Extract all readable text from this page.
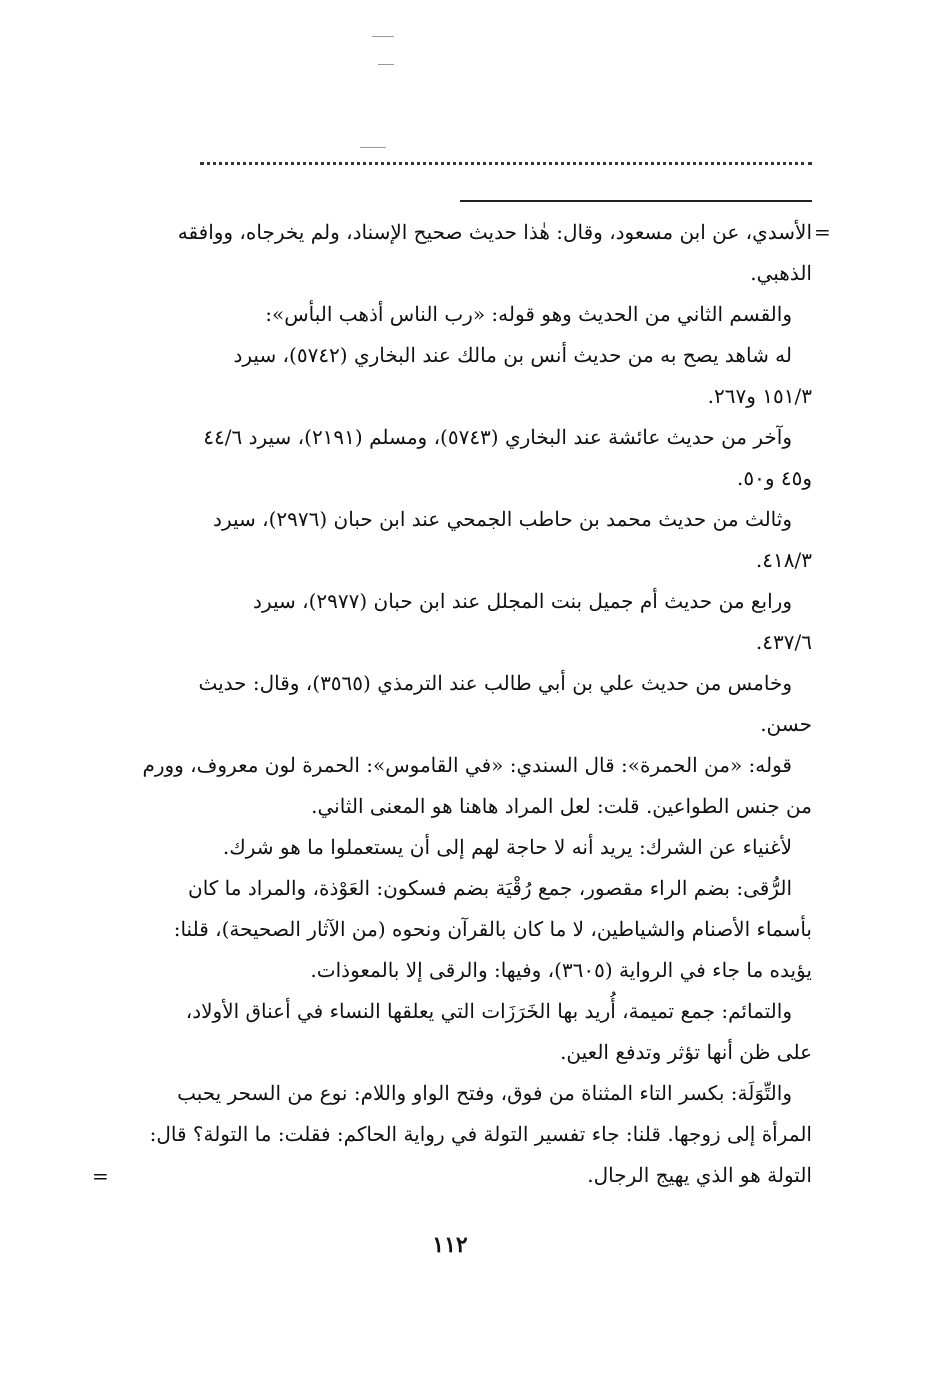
=

الأسدي، عن ابن مسعود، وقال: هٰذا حديث صحيح الإسناد، ولم يخرجاه، ووافقه

الذهبي.

والقسم الثاني من الحديث وهو قوله: «رب الناس أذهب البأس»:

له شاهد يصح به من حديث أنس بن مالك عند البخاري (٥٧٤٢)، سيرد

١٥١/٣ و٢٦٧.

وآخر من حديث عائشة عند البخاري (٥٧٤٣)، ومسلم (٢١٩١)، سيرد ٤٤/٦

و٤٥ و٥٠.

وثالث من حديث محمد بن حاطب الجمحي عند ابن حبان (٢٩٧٦)، سيرد

٤١٨/٣.

ورابع من حديث أم جميل بنت المجلل عند ابن حبان (٢٩٧٧)، سيرد

٤٣٧/٦.

وخامس من حديث علي بن أبي طالب عند الترمذي (٣٥٦٥)، وقال: حديث

حسن.

قوله: «من الحمرة»: قال السندي: «في القاموس»: الحمرة لون معروف، وورم

من جنس الطواعين. قلت: لعل المراد هاهنا هو المعنى الثاني.

لأغنياء عن الشرك: يريد أنه لا حاجة لهم إلى أن يستعملوا ما هو شرك.

الرُّقى: بضم الراء مقصور، جمع رُقْيَة بضم فسكون: العَوْذة، والمراد ما كان

بأسماء الأصنام والشياطين، لا ما كان بالقرآن ونحوه (من الآثار الصحيحة)، قلنا:

يؤيده ما جاء في الرواية (٣٦٠٥)، وفيها: والرقى إلا بالمعوذات.

والتمائم: جمع تميمة، أُريد بها الخَرَزَات التي يعلقها النساء في أعناق الأولاد،

على ظن أنها تؤثر وتدفع العين.

والتِّوَلَة: بكسر التاء المثناة من فوق، وفتح الواو واللام: نوع من السحر يحبب

المرأة إلى زوجها. قلنا: جاء تفسير التولة في رواية الحاكم: فقلت: ما التولة؟ قال:

التولة هو الذي يهيج الرجال.

=
١١٢
